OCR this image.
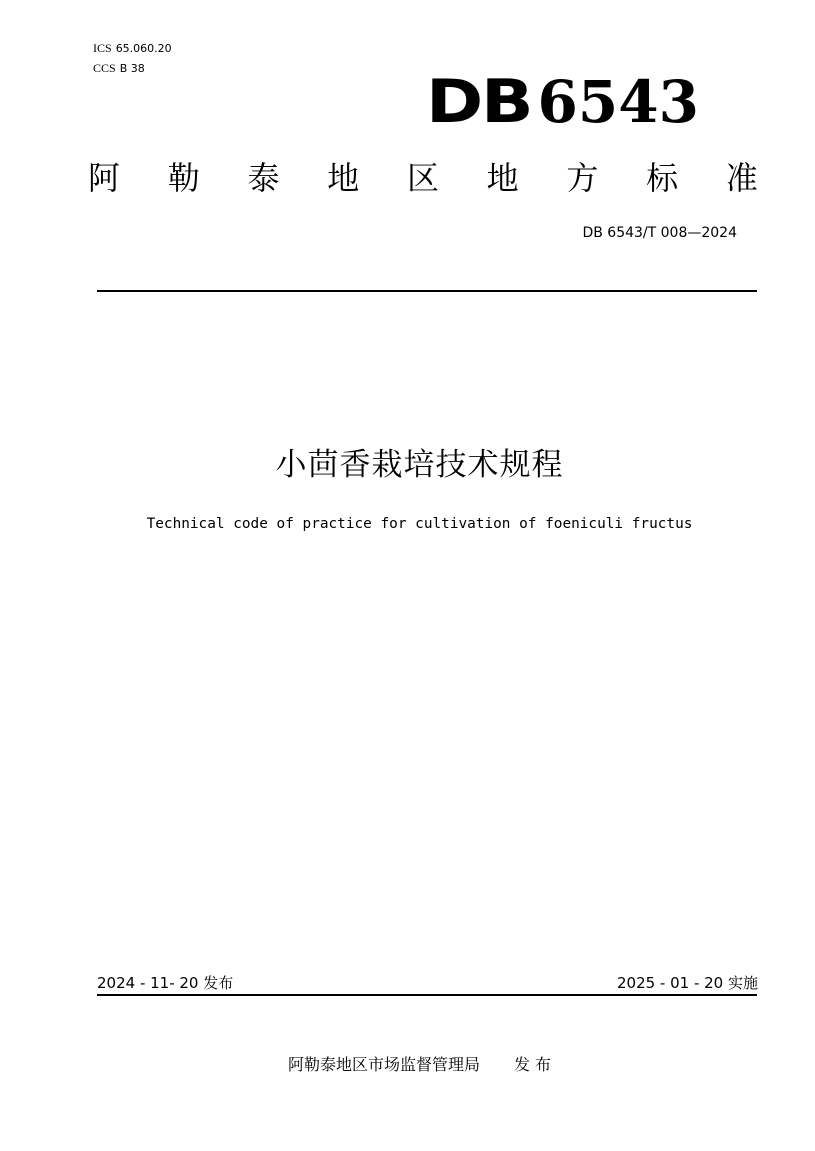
ICS 65.060.20
CCS B 38	DB 6543
阿 勒 泰 地 区 地 方 标 准
DB 6543/T 008—2024
小茴香栽培技术规程
Technical code of practice for cultivation of foeniculi fructus
2024 - 11- 20 发布	2025 - 01 - 20 实施
阿勒泰地区市场监督管理局 发 布
